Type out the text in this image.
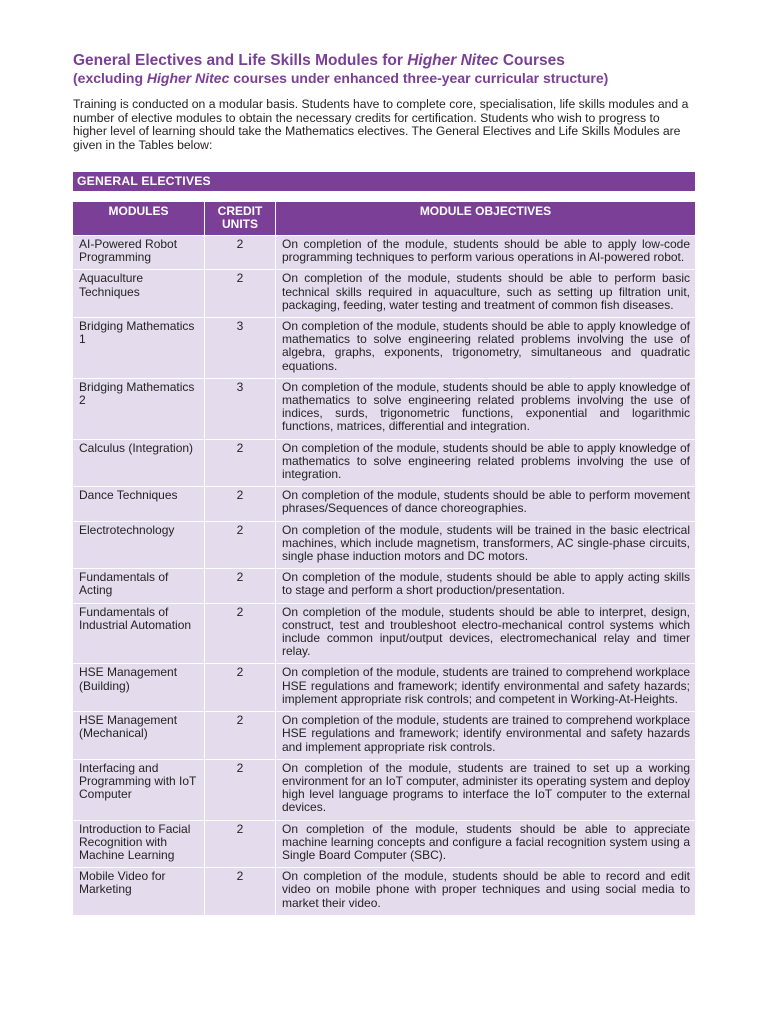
General Electives and Life Skills Modules for Higher Nitec Courses
(excluding Higher Nitec courses under enhanced three-year curricular structure)

Training is conducted on a modular basis. Students have to complete core, specialisation, life skills modules and a number of elective modules to obtain the necessary credits for certification. Students who wish to progress to higher level of learning should take the Mathematics electives. The General Electives and Life Skills Modules are given in the Tables below:

GENERAL ELECTIVES
MODULES	CREDIT UNITS	MODULE OBJECTIVES
AI-Powered Robot Programming	2	On completion of the module, students should be able to apply low-code programming techniques to perform various operations in AI-powered robot.
Aquaculture Techniques	2	On completion of the module, students should be able to perform basic technical skills required in aquaculture, such as setting up filtration unit, packaging, feeding, water testing and treatment of common fish diseases.
Bridging Mathematics 1	3	On completion of the module, students should be able to apply knowledge of mathematics to solve engineering related problems involving the use of algebra, graphs, exponents, trigonometry, simultaneous and quadratic equations.
Bridging Mathematics 2	3	On completion of the module, students should be able to apply knowledge of mathematics to solve engineering related problems involving the use of indices, surds, trigonometric functions, exponential and logarithmic functions, matrices, differential and integration.
Calculus (Integration)	2	On completion of the module, students should be able to apply knowledge of mathematics to solve engineering related problems involving the use of integration.
Dance Techniques	2	On completion of the module, students should be able to perform movement phrases/Sequences of dance choreographies.
Electrotechnology	2	On completion of the module, students will be trained in the basic electrical machines, which include magnetism, transformers, AC single-phase circuits, single phase induction motors and DC motors.
Fundamentals of Acting	2	On completion of the module, students should be able to apply acting skills to stage and perform a short production/presentation.
Fundamentals of Industrial Automation	2	On completion of the module, students should be able to interpret, design, construct, test and troubleshoot electro-mechanical control systems which include common input/output devices, electromechanical relay and timer relay.
HSE Management (Building)	2	On completion of the module, students are trained to comprehend workplace HSE regulations and framework; identify environmental and safety hazards; implement appropriate risk controls; and competent in Working-At-Heights.
HSE Management (Mechanical)	2	On completion of the module, students are trained to comprehend workplace HSE regulations and framework; identify environmental and safety hazards and implement appropriate risk controls.
Interfacing and Programming with IoT Computer	2	On completion of the module, students are trained to set up a working environment for an IoT computer, administer its operating system and deploy high level language programs to interface the IoT computer to the external devices.
Introduction to Facial Recognition with Machine Learning	2	On completion of the module, students should be able to appreciate machine learning concepts and configure a facial recognition system using a Single Board Computer (SBC).
Mobile Video for Marketing	2	On completion of the module, students should be able to record and edit video on mobile phone with proper techniques and using social media to market their video.
